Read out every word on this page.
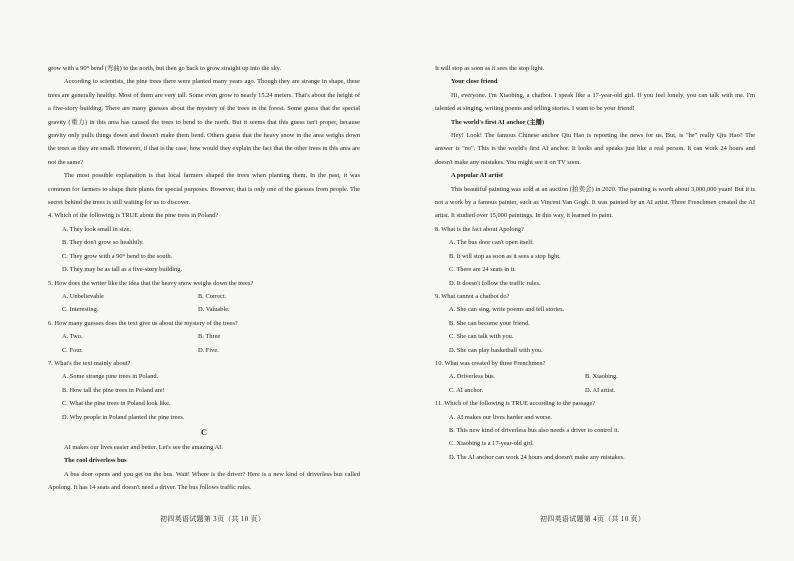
grow with a 90° bend (弯曲) to the north, but then go back to grow straight up into the sky.

According to scientists, the pine trees there were planted many years ago. Though they are strange in shape, these trees are generally healthy. Most of them are very tall. Some even grow to nearly 15.24 meters. That's about the height of a five-story building. There are many guesses about the mystery of the trees in the forest. Some guess that the special gravity (重力) in this area has caused the trees to bend to the north. But it seems that this guess isn't proper, because gravity only pulls things down and doesn't make them bend. Others guess that the heavy snow in the area weighs down the trees as they are small. However, if that is the case, how would they explain the fact that the other trees in this area are not the same?

The most possible explanation is that local farmers shaped the trees when planting them. In the past, it was common for farmers to shape their plants for special purposes. However, that is only one of the guesses from people. The secret behind the trees is still waiting for us to discover.

4. Which of the following is TRUE about the pine trees in Poland?

A. They look small in size.

B. They don't grow so healthily.

C. They grow with a 90° bend to the south.

D. They may be as tall as a five-story building.

5. How does the writer like the idea that the heavy snow weighs down the trees?

A. Unbelievable	B. Correct.

C. Interesting.	D. Valuable.

6. How many guesses does the text give us about the mystery of the trees?

A. Two.	B. Three

C. Four.	D. Five.

7. What's the text mainly about?

A. Some strange pine trees in Poland.

B. How tall the pine trees in Poland are!

C. What the pine trees in Poland look like.

D. Why people in Poland planted the pine trees.

C

AI makes our lives easier and better. Let's see the amazing AI.

The cool driverless bus

A bus door opens and you get on the bus. Wait! Where is the driver? Here is a new kind of driverless bus called Apolong. It has 14 seats and doesn't need a driver. The bus follows traffic rules.

初四英语试题第 3页（共 10 页）

It will stop as soon as it sees the stop light.

Your close friend

Hi, everyone. I'm Xiaobing, a chatbot. I speak like a 17-year-old girl. If you feel lonely, you can talk with me. I'm talented at singing, writing poems and telling stories. I want to be your friend!

The world's first AI anchor (主播)

Hey! Look! The famous Chinese anchor Qiu Hao is reporting the news for us. But, is "he" really Qiu Hao? The answer is "no". This is the world's first AI anchor. It looks and speaks just like a real person. It can work 24 hours and doesn't make any mistakes. You might see it on TV soon.

A popular AI artist

This beautiful painting was sold at an auction (拍卖会) in 2020. The painting is worth about 3,000,000 yuan! But it is not a work by a famous painter, such as Vincent Van Gogh. It was painted by an AI artist. Three Frenchmen created the AI artist. It studied over 15,000 paintings. In this way, it learned to paint.

8. What is the fact about Apolong?

A. The bus door can't open itself.

B. It will stop as soon as it sees a stop light.

C. There are 24 seats in it.

D. It doesn't follow the traffic rules.

9. What cannot a chatbot do?

A. She can sing, write poems and tell stories.

B. She can become your friend.

C. She can talk with you.

D. She can play basketball with you.

10. What was created by three Frenchmen?

A. Driverless bus.	B. Xiaobing.

C. AI anchor.	D. AI artist.

11. Which of the following is TRUE according to the passage?

A. AI makes our lives harder and worse.

B. This new kind of driverless bus also needs a driver to control it.

C. Xiaobing is a 17-year-old girl.

D. The AI anchor can work 24 hours and doesn't make any mistakes.

初四英语试题第 4页（共 10 页）
